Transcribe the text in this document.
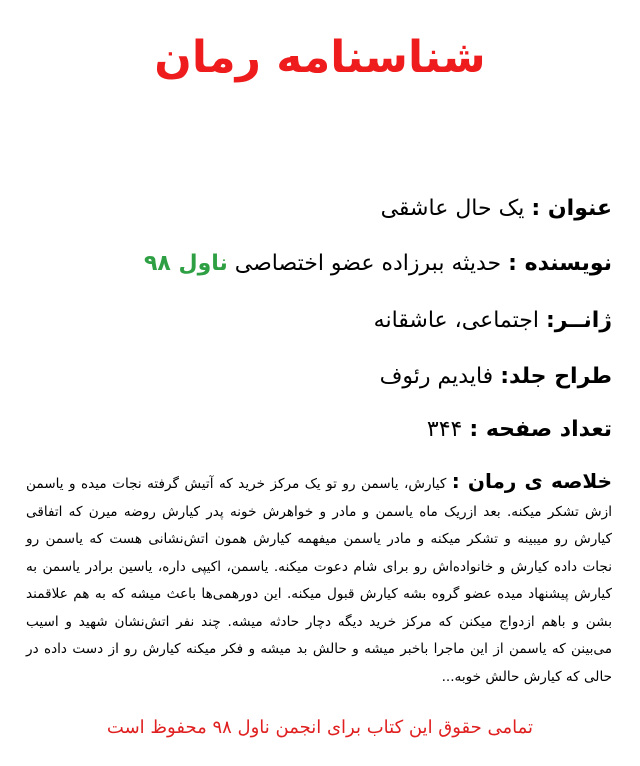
شناسنامه رمان
عنوان : یک حال عاشقی
نویسنده : حدیثه ببرزاده عضو اختصاصی ناول ۹۸
ژانــر: اجتماعی، عاشقانه
طراح جلد: فایدیم رئوف
تعداد صفحه : ۳۴۴
خلاصه ی رمان : کیارش، یاسمن رو تو یک مرکز خرید که آتیش گرفته نجات میده و یاسمن ازش تشکر میکنه. بعد ازریک ماه یاسمن و مادر و خواهرش خونه پدر کیارش روضه میرن که اتفاقی کیارش رو میبینه و تشکر میکنه و مادر یاسمن میفهمه کیارش همون اتش‌نشانی هست که یاسمن رو نجات داده کیارش و خانواده‌اش رو برای شام دعوت میکنه. یاسمن، اکیپی داره، یاسین برادر یاسمن به کیارش پیشنهاد میده عضو گروه بشه کیارش قبول میکنه. این دورهمی‌ها باعث میشه که به هم علاقمند بشن و باهم ازدواج میکنن که مرکز خرید دیگه دچار حادثه میشه. چند نفر اتش‌نشان شهید و اسیب می‌بینن که یاسمن از این ماجرا باخبر میشه و حالش بد میشه و فکر میکنه کیارش رو از دست داده در حالی که کیارش حالش خوبه...
تمامی حقوق این کتاب برای انجمن ناول ۹۸ محفوظ است
